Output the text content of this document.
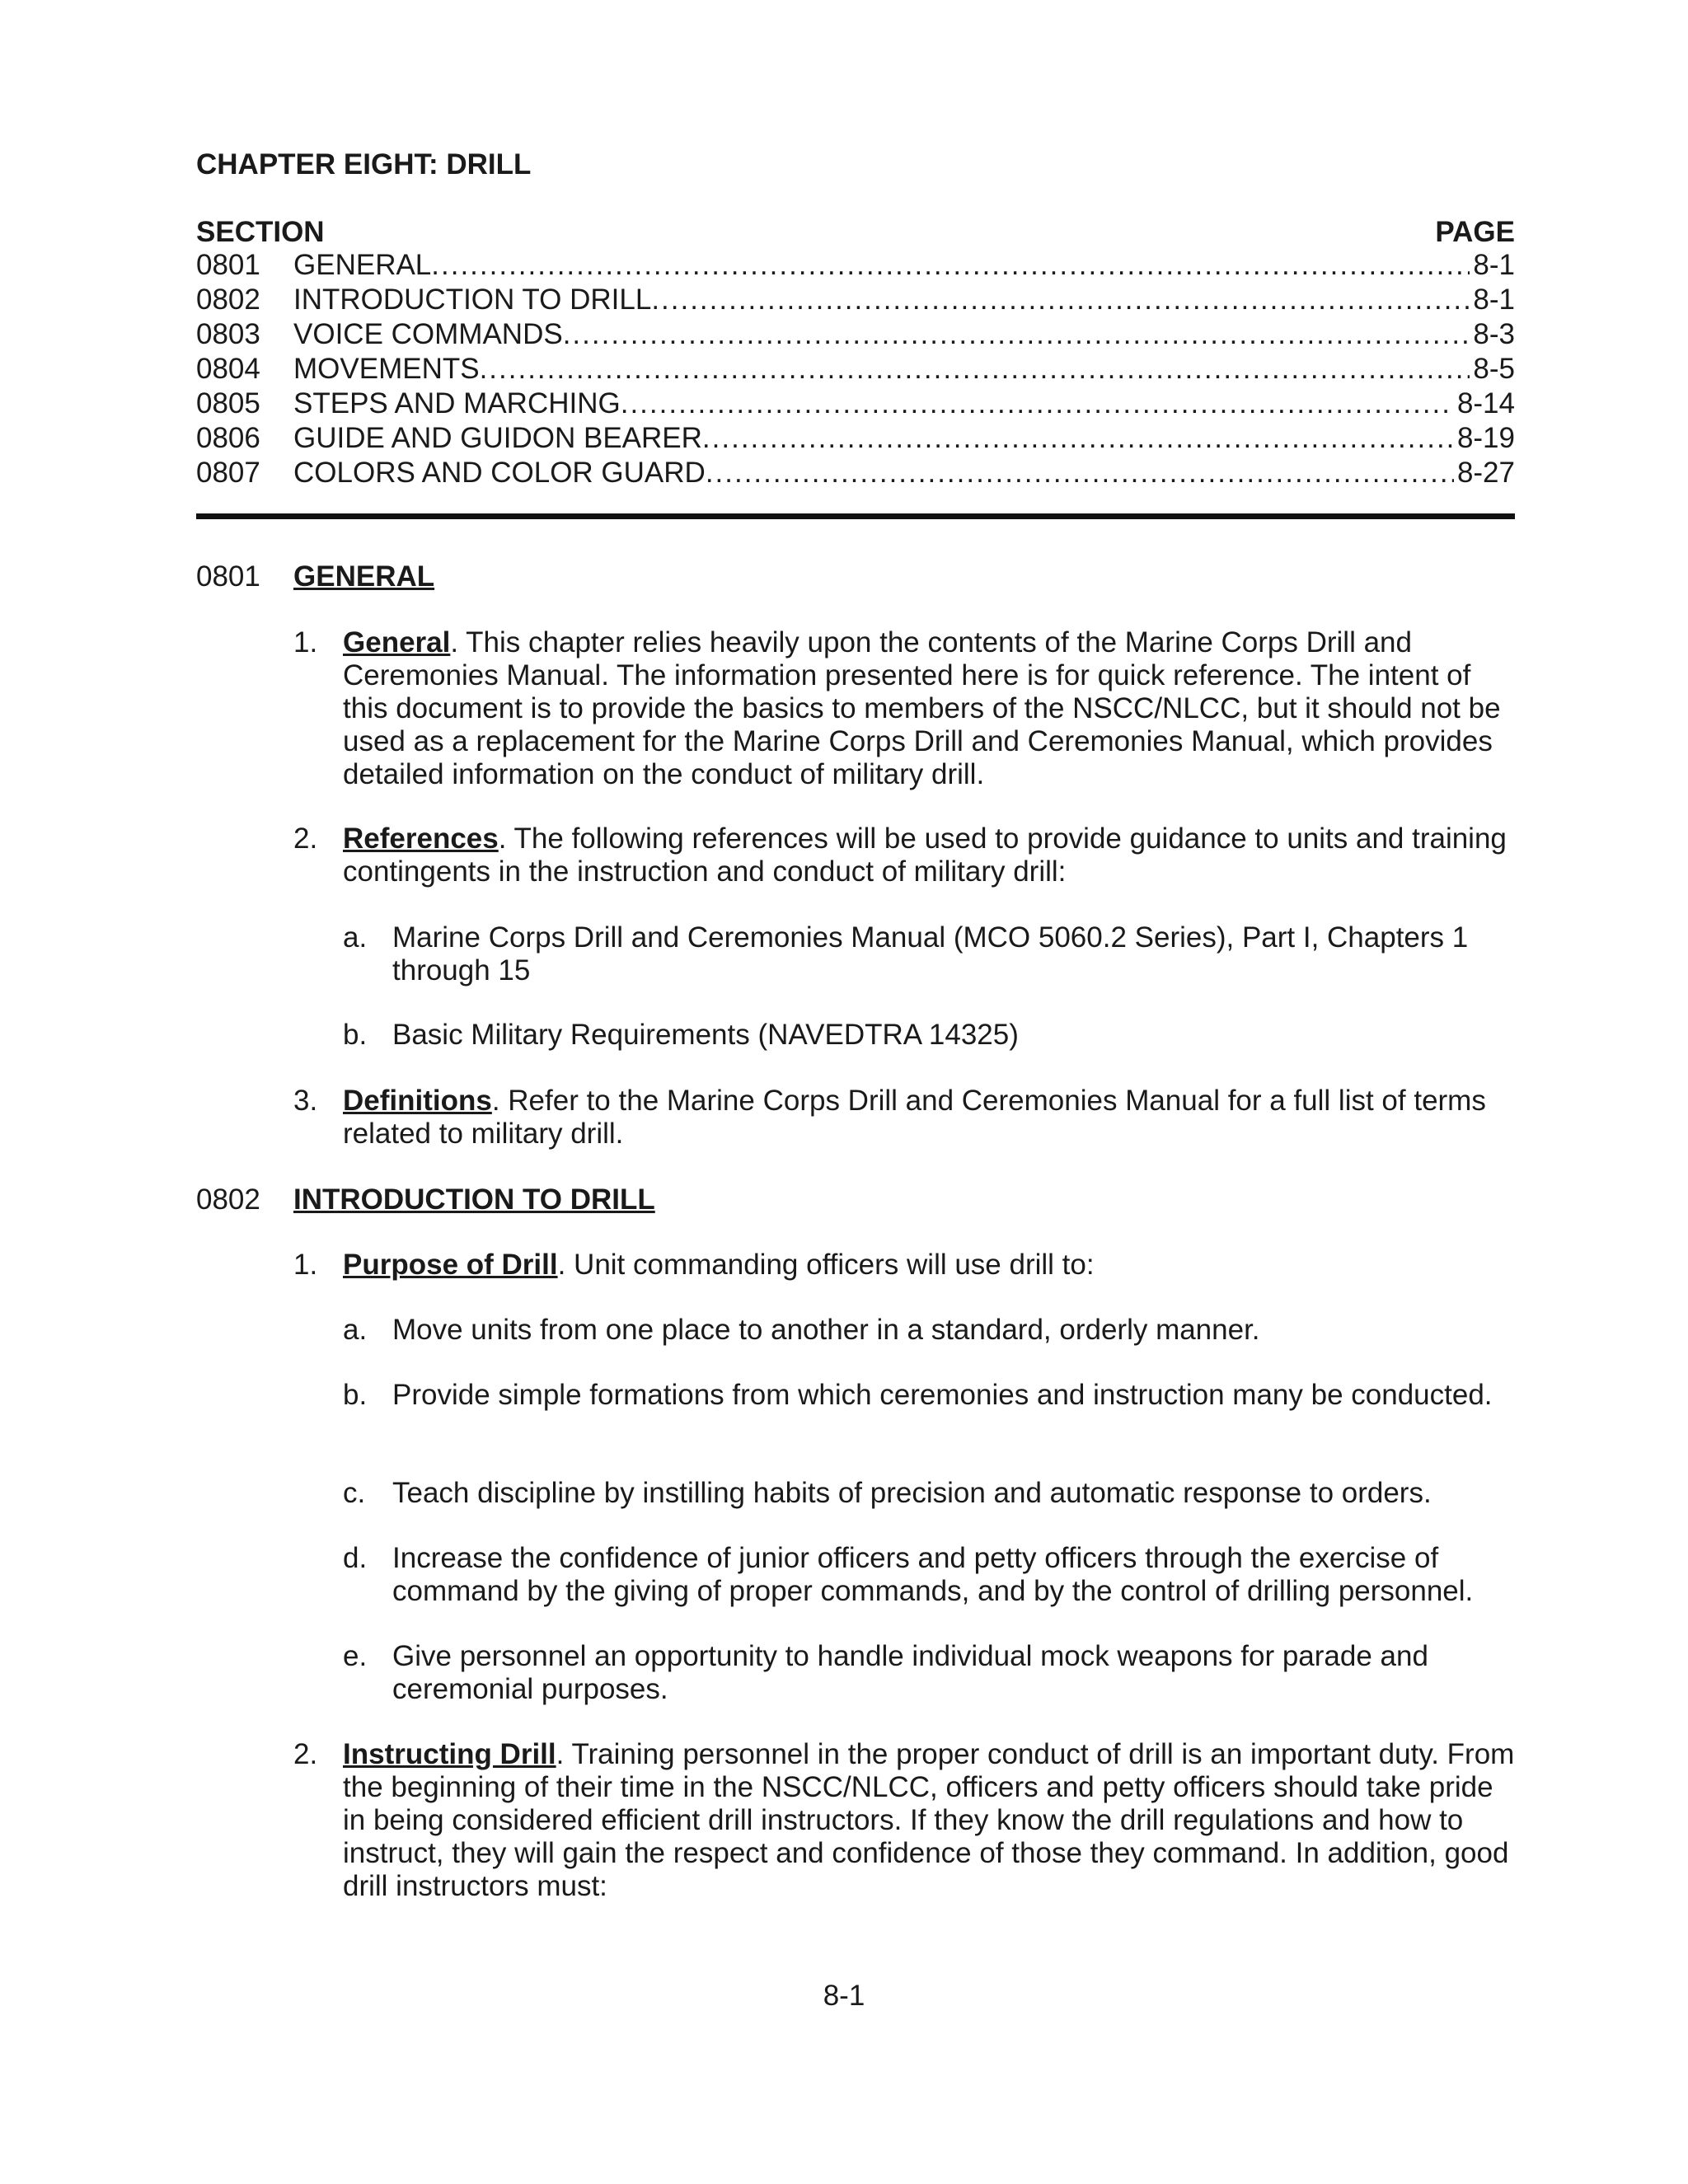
CHAPTER EIGHT: DRILL
SECTION	PAGE
0801	GENERAL .....	8-1
0802	INTRODUCTION TO DRILL .....	8-1
0803	VOICE COMMANDS .....	8-3
0804	MOVEMENTS .....	8-5
0805	STEPS AND MARCHING .....	8-14
0806	GUIDE AND GUIDON BEARER .....	8-19
0807	COLORS AND COLOR GUARD .....	8-27
0801	GENERAL
1. General. This chapter relies heavily upon the contents of the Marine Corps Drill and Ceremonies Manual. The information presented here is for quick reference. The intent of this document is to provide the basics to members of the NSCC/NLCC, but it should not be used as a replacement for the Marine Corps Drill and Ceremonies Manual, which provides detailed information on the conduct of military drill.
2. References. The following references will be used to provide guidance to units and training contingents in the instruction and conduct of military drill:
a. Marine Corps Drill and Ceremonies Manual (MCO 5060.2 Series), Part I, Chapters 1 through 15
b. Basic Military Requirements (NAVEDTRA 14325)
3. Definitions. Refer to the Marine Corps Drill and Ceremonies Manual for a full list of terms related to military drill.
0802	INTRODUCTION TO DRILL
1. Purpose of Drill. Unit commanding officers will use drill to:
a. Move units from one place to another in a standard, orderly manner.
b. Provide simple formations from which ceremonies and instruction many be conducted.
c. Teach discipline by instilling habits of precision and automatic response to orders.
d. Increase the confidence of junior officers and petty officers through the exercise of command by the giving of proper commands, and by the control of drilling personnel.
e. Give personnel an opportunity to handle individual mock weapons for parade and ceremonial purposes.
2. Instructing Drill. Training personnel in the proper conduct of drill is an important duty. From the beginning of their time in the NSCC/NLCC, officers and petty officers should take pride in being considered efficient drill instructors. If they know the drill regulations and how to instruct, they will gain the respect and confidence of those they command. In addition, good drill instructors must:
8-1
